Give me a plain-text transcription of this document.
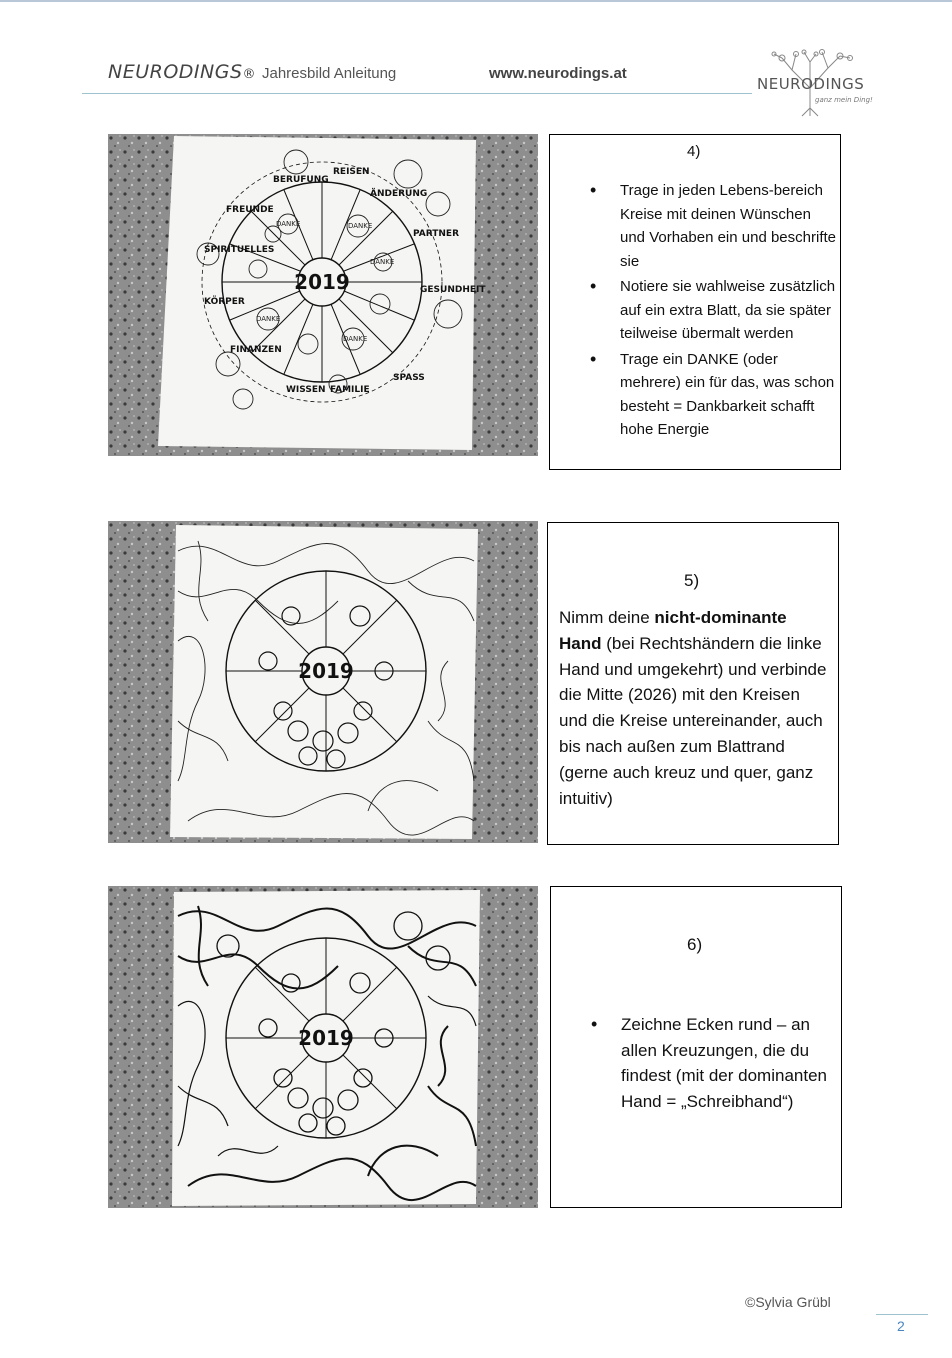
NEURODINGS® Jahresbild Anleitung	www.neurodings.at
NEURODINGS
ganz mein Ding!
2019
BERUFUNG
REISEN
ÄNDERUNG
PARTNER
GESUNDHEIT
SPASS
FAMILIE
WISSEN
FINANZEN
KÖRPER
SPIRITUELLES
FREUNDE
DANKE	DANKE
DANKE
DANKE
DANKE
4)
• Trage in jeden Lebens-bereich Kreise mit deinen Wünschen und Vorhaben ein und beschrifte sie
• Notiere sie wahlweise zusätzlich auf ein extra Blatt, da sie später teilweise übermalt werden
• Trage ein DANKE (oder mehrere) ein für das, was schon besteht = Dankbarkeit schafft hohe Energie
2019
5)
Nimm deine nicht-dominante Hand (bei Rechtshändern die linke Hand und umgekehrt) und verbinde die Mitte (2026) mit den Kreisen und die Kreise untereinander, auch bis nach außen zum Blattrand (gerne auch kreuz und quer, ganz intuitiv)
2019
6)
• Zeichne Ecken rund – an allen Kreuzungen, die du findest (mit der dominanten Hand = „Schreibhand“)
©Sylvia Grübl
2
